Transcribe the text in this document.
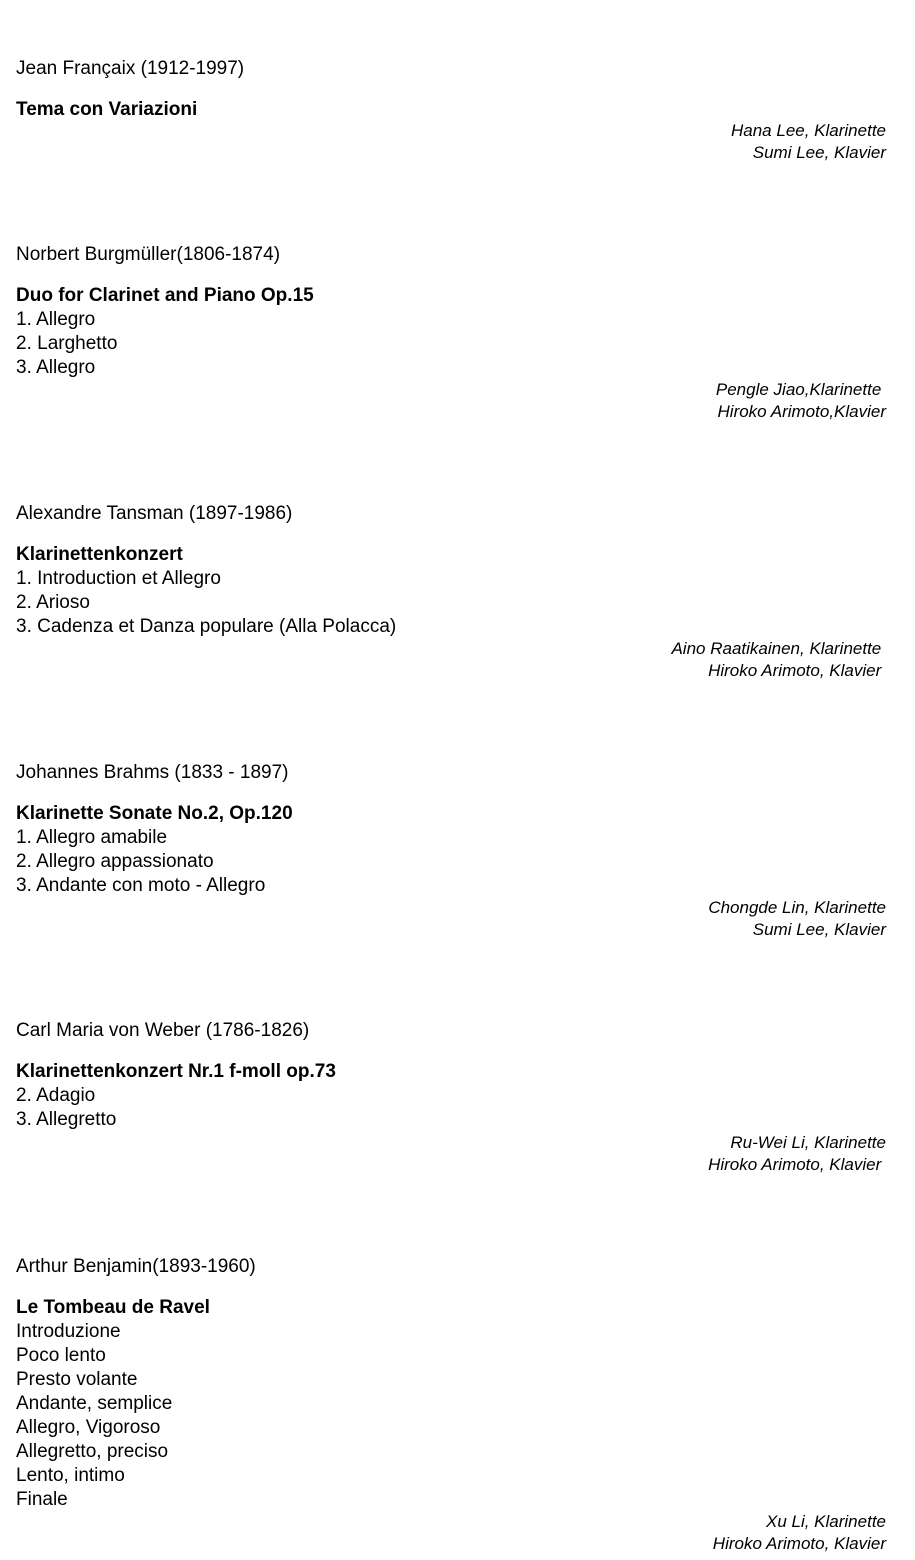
Jean Françaix (1912-1997)
Tema con Variazioni
Hana Lee, Klarinette
Sumi Lee, Klavier
Norbert Burgmüller(1806-1874)
Duo for Clarinet and Piano Op.15
1. Allegro
2. Larghetto
3. Allegro
Pengle Jiao,Klarinette
Hiroko Arimoto,Klavier
Alexandre Tansman (1897-1986)
Klarinettenkonzert
1. Introduction et Allegro
2. Arioso
3. Cadenza et Danza populare (Alla Polacca)
Aino Raatikainen, Klarinette
Hiroko Arimoto, Klavier
Johannes Brahms (1833 - 1897)
Klarinette Sonate No.2, Op.120
1. Allegro amabile
2. Allegro appassionato
3. Andante con moto - Allegro
Chongde Lin, Klarinette
Sumi Lee, Klavier
Carl Maria von Weber (1786-1826)
Klarinettenkonzert Nr.1 f-moll op.73
2. Adagio
3. Allegretto
Ru-Wei Li, Klarinette
Hiroko Arimoto, Klavier
Arthur Benjamin(1893-1960)
Le Tombeau de Ravel
Introduzione
Poco lento
Presto volante
Andante, semplice
Allegro, Vigoroso
Allegretto, preciso
Lento, intimo
Finale
Xu Li, Klarinette
Hiroko Arimoto, Klavier
